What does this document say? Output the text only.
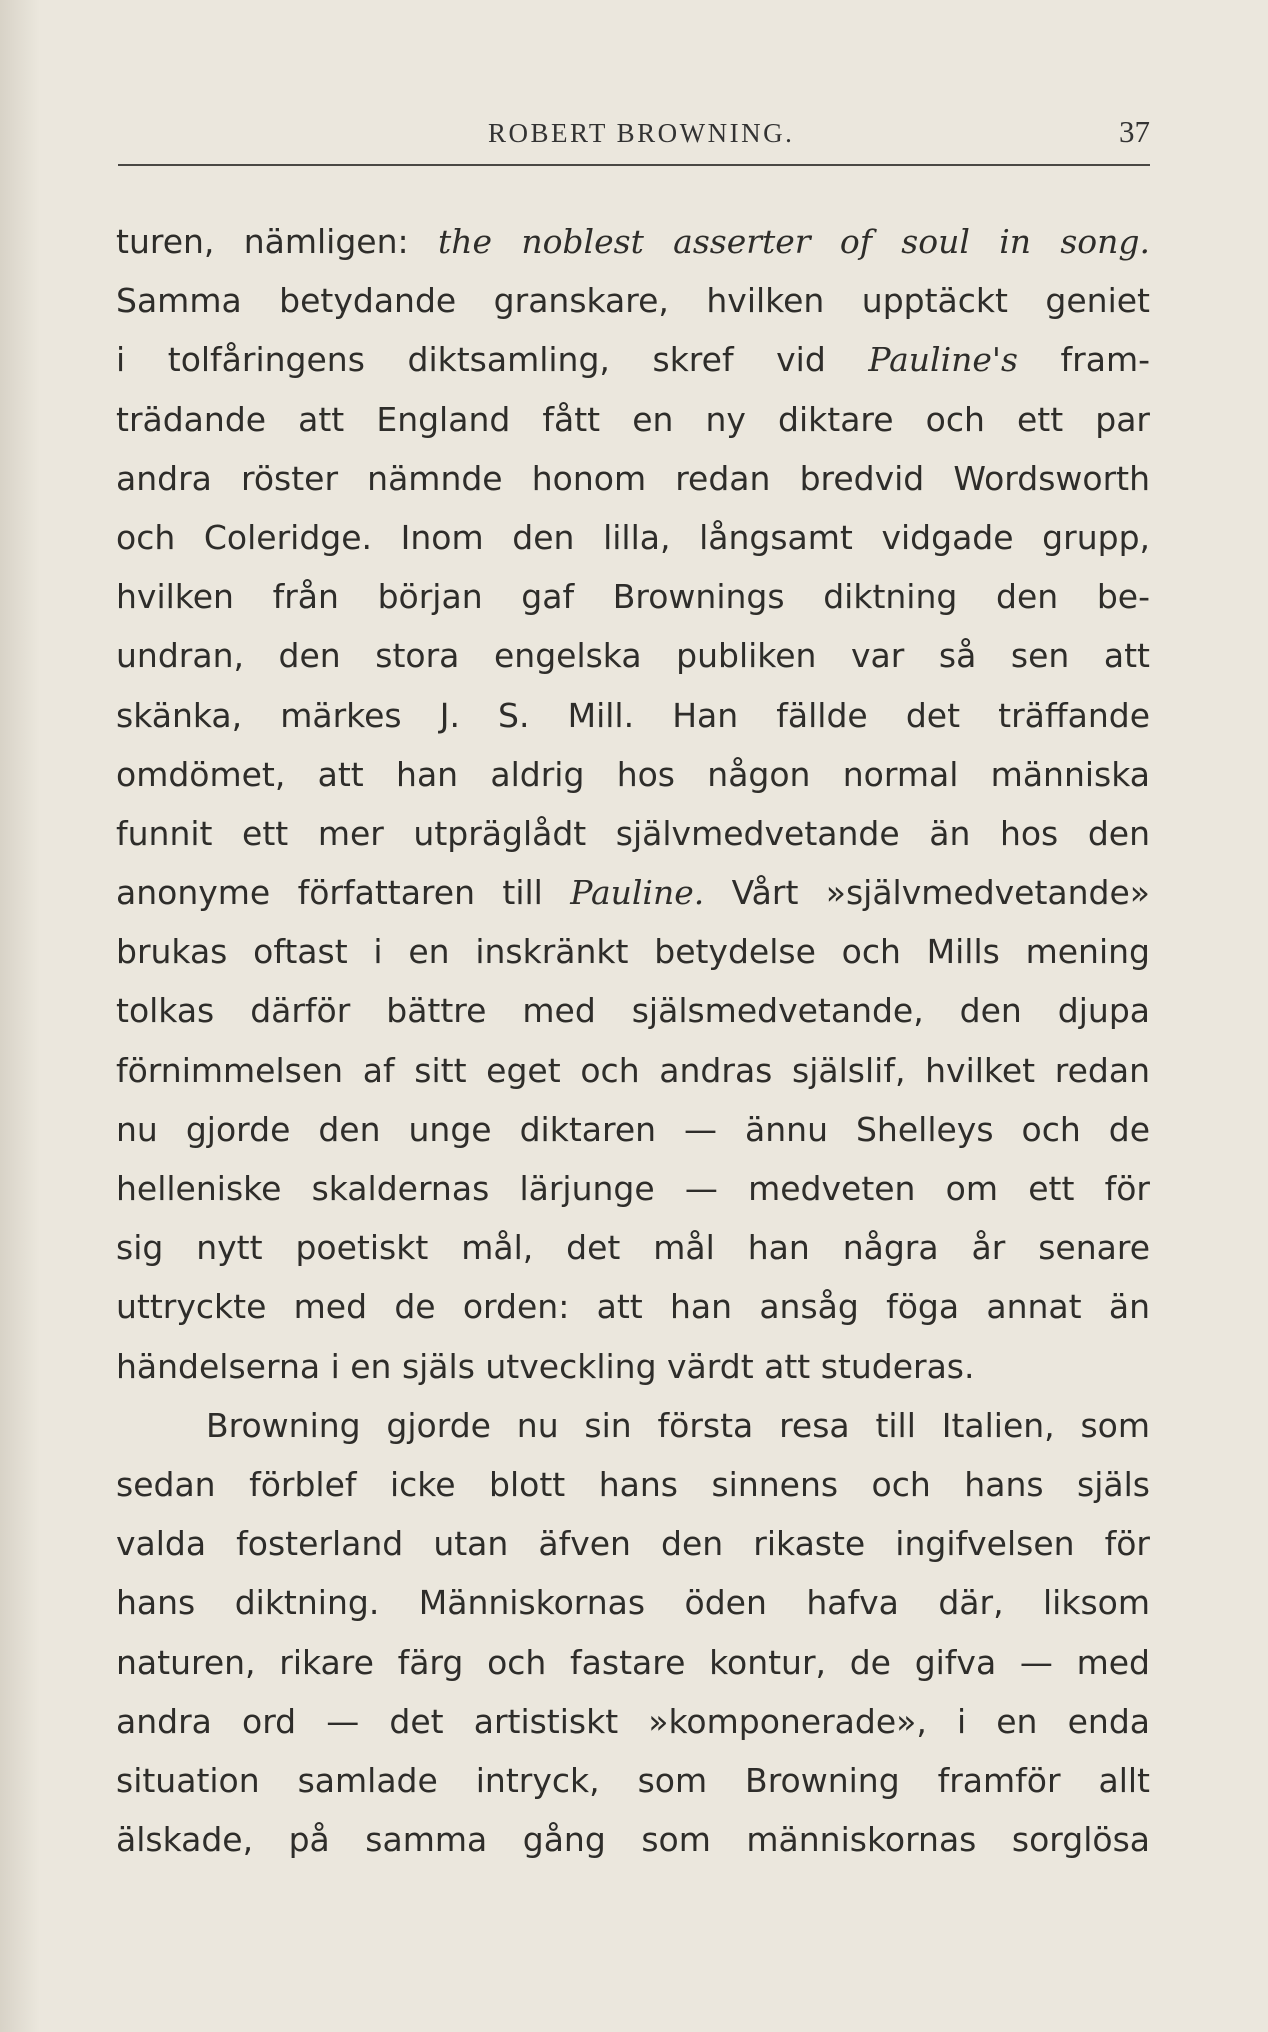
ROBERT BROWNING.	37
turen, nämligen: the noblest asserter of soul in song.
Samma betydande granskare, hvilken upptäckt geniet
i tolfåringens diktsamling, skref vid Pauline's fram-
trädande att England fått en ny diktare och ett par
andra röster nämnde honom redan bredvid Wordsworth
och Coleridge. Inom den lilla, långsamt vidgade grupp,
hvilken från början gaf Brownings diktning den be-
undran, den stora engelska publiken var så sen att
skänka, märkes J. S. Mill. Han fällde det träffande
omdömet, att han aldrig hos någon normal människa
funnit ett mer utpräglådt självmedvetande än hos den
anonyme författaren till Pauline. Vårt »självmedvetande»
brukas oftast i en inskränkt betydelse och Mills mening
tolkas därför bättre med själsmedvetande, den djupa
förnimmelsen af sitt eget och andras själslif, hvilket redan
nu gjorde den unge diktaren — ännu Shelleys och de
helleniske skaldernas lärjunge — medveten om ett för
sig nytt poetiskt mål, det mål han några år senare
uttryckte med de orden: att han ansåg föga annat än
händelserna i en själs utveckling värdt att studeras.
Browning gjorde nu sin första resa till Italien, som
sedan förblef icke blott hans sinnens och hans själs
valda fosterland utan äfven den rikaste ingifvelsen för
hans diktning. Människornas öden hafva där, liksom
naturen, rikare färg och fastare kontur, de gifva — med
andra ord — det artistiskt »komponerade», i en enda
situation samlade intryck, som Browning framför allt
älskade, på samma gång som människornas sorglösa
